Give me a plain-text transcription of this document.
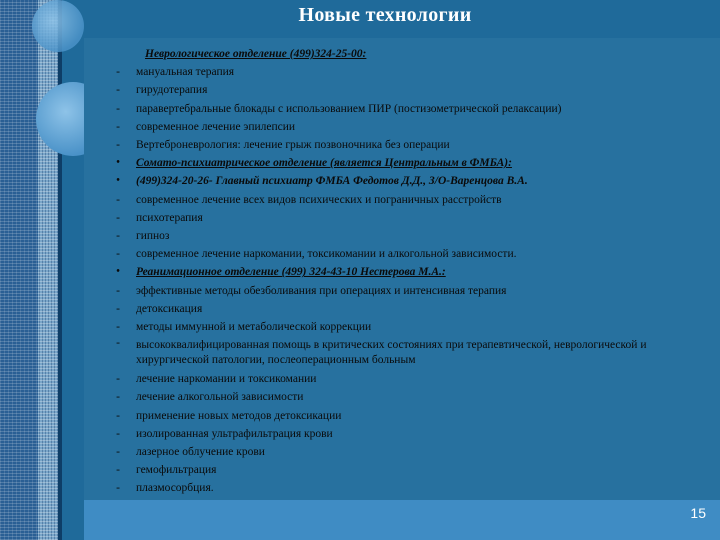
Новые технологии
15
Неврологическое отделение (499)324-25-00:
- мануальная терапия
- гирудотерапия
- паравертебральные блокады с использованием ПИР (постизометрической релаксации)
- современное лечение эпилепсии
- Вертеброневрология: лечение грыж позвоночника без операции
• Сомато-психиатрическое отделение (является Центральным в ФМБА):
• (499)324-20-26- Главный психиатр ФМБА Федотов Д.Д., З/О-Варенцова В.А.
- современное лечение всех видов психических и пограничных расстройств
- психотерапия
- гипноз
- современное лечение наркомании, токсикомании и алкогольной зависимости.
• Реанимационное отделение (499) 324-43-10 Нестерова М.А.:
- эффективные методы обезболивания при операциях и интенсивная терапия
- детоксикация
- методы иммунной и метаболической коррекции
- высококвалифицированная помощь в критических состояниях при терапевтической, неврологической и хирургической патологии, послеоперационным больным
- лечение наркомании и токсикомании
- лечение алкогольной зависимости
- применение новых методов детоксикации
- изолированная ультрафильтрация крови
- лазерное облучение крови
- гемофильтрация
- плазмосорбция.
